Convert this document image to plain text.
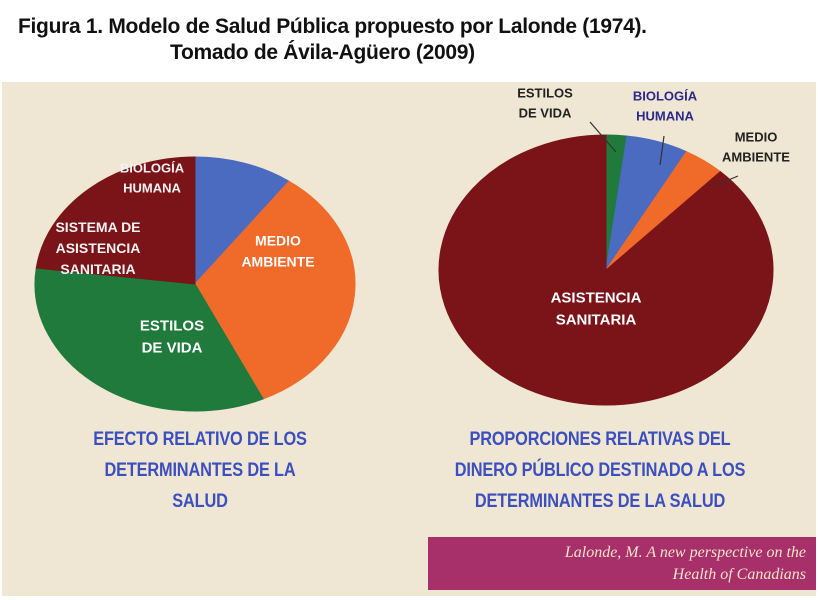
Figura 1. Modelo de Salud Pública propuesto por Lalonde (1974).
Tomado de Ávila-Agüero (2009)
BIOLOGÍA HUMANA
MEDIO AMBIENTE
ESTILOS DE VIDA
SISTEMA DE ASISTENCIA SANITARIA
ESTILOS DE VIDA
BIOLOGÍA HUMANA
MEDIO AMBIENTE
ASISTENCIA SANITARIA
EFECTO RELATIVO DE LOS
DETERMINANTES DE LA
SALUD
PROPORCIONES RELATIVAS DEL
DINERO PÚBLICO DESTINADO A LOS
DETERMINANTES DE LA SALUD
Lalonde, M. A new perspective on the
Health of Canadians
